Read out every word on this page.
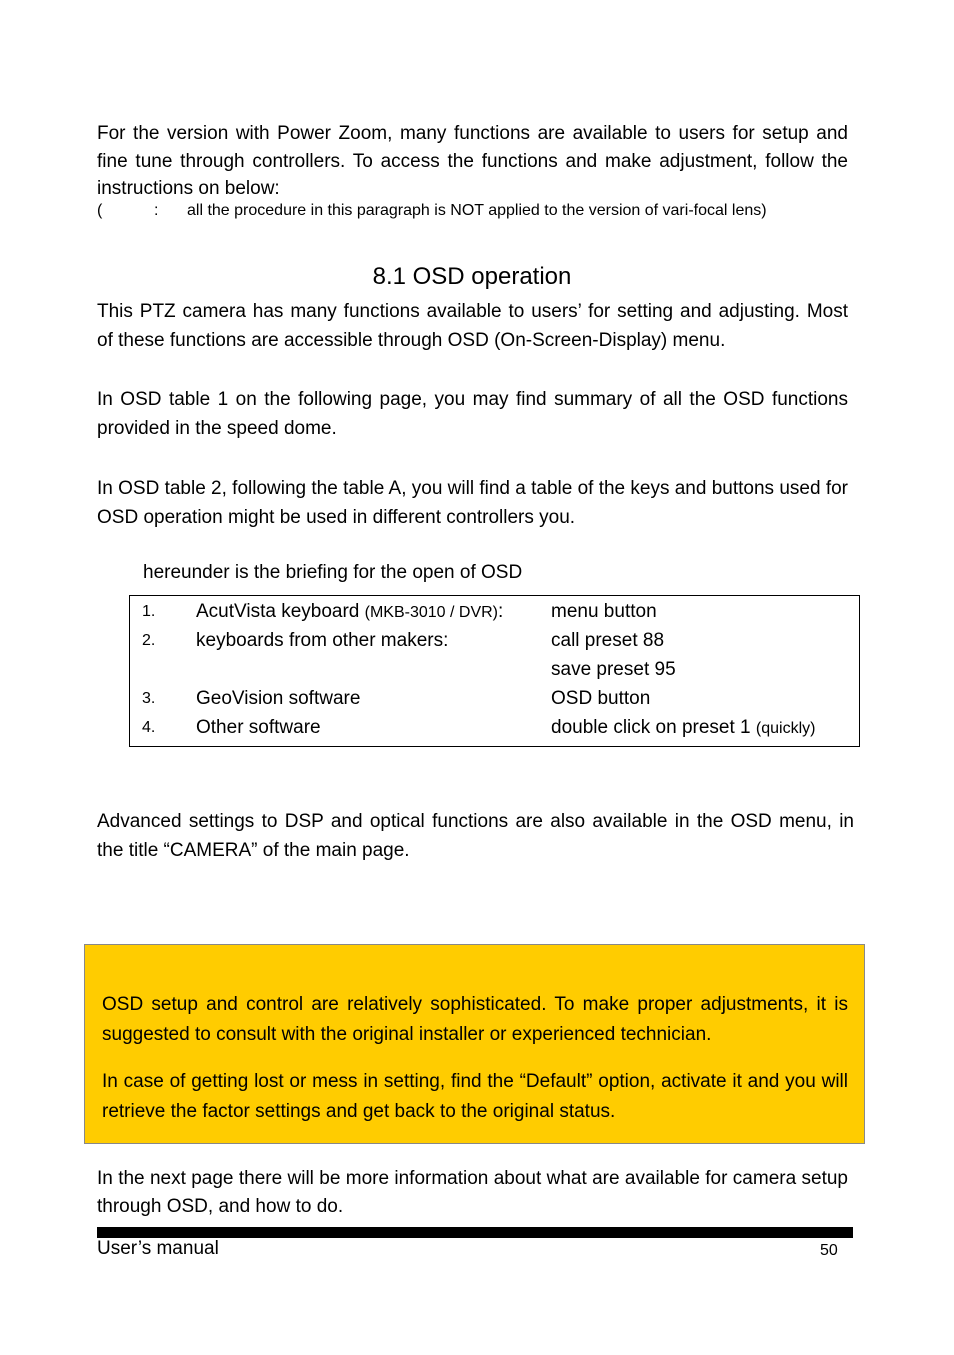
For the version with Power Zoom, many functions are available to users for setup and fine tune through controllers. To access the functions and make adjustment, follow the instructions on below:
(	: all the procedure in this paragraph is NOT applied to the version of vari-focal lens)
8.1 OSD operation
This PTZ camera has many functions available to users’ for setting and adjusting. Most of these functions are accessible through OSD (On-Screen-Display) menu.
In OSD table 1 on the following page, you may find summary of all the OSD functions provided in the speed dome.
In OSD table 2, following the table A, you will find a table of the keys and buttons used for OSD operation might be used in different controllers you.
hereunder is the briefing for the open of OSD
1. AcutVista keyboard (MKB-3010 / DVR):	menu button
2. keyboards from other makers:	call preset 88
save preset 95
3. GeoVision software	OSD button
4. Other software	double click on preset 1 (quickly)
Advanced settings to DSP and optical functions are also available in the OSD menu, in the title “CAMERA” of the main page.

OSD setup and control are relatively sophisticated. To make proper adjustments, it is suggested to consult with the original installer or experienced technician.

In case of getting lost or mess in setting, find the “Default” option, activate it and you will retrieve the factor settings and get back to the original status.

In the next page there will be more information about what are available for camera setup through OSD, and how to do.
User’s manual	50
